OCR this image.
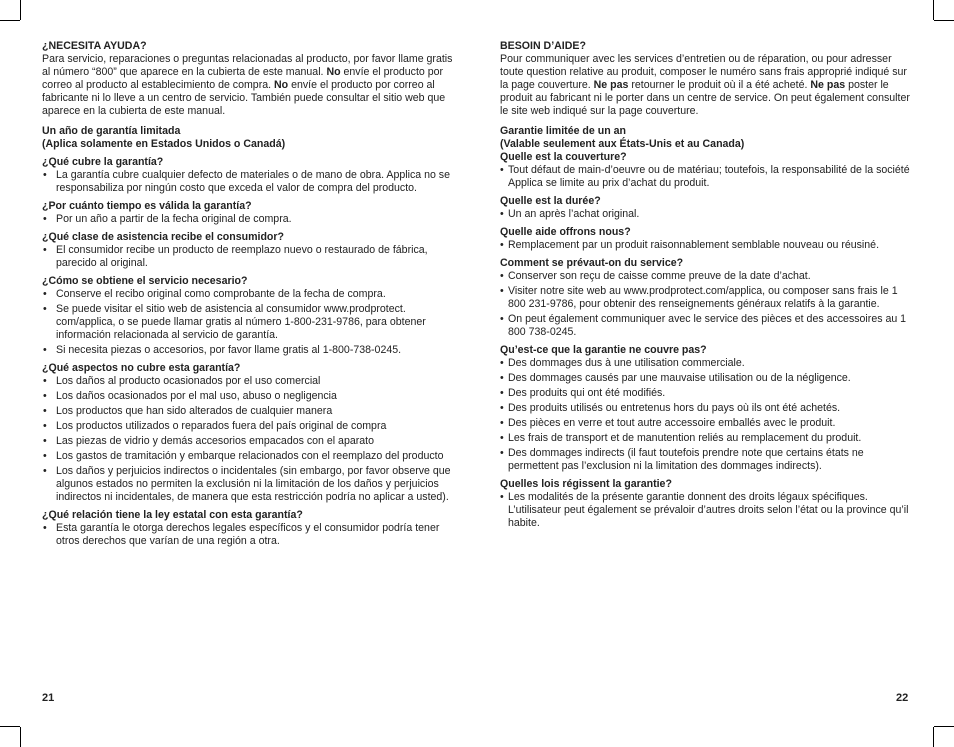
¿NECESITA AYUDA?

Para servicio, reparaciones o preguntas relacionadas al producto, por favor llame gratis al número “800” que aparece en la cubierta de este manual. No envíe el producto por correo al producto al establecimiento de compra. No envíe el producto por correo al fabricante ni lo lleve a un centro de servicio. También puede consultar el sitio web que aparece en la cubierta de este manual.

Un año de garantía limitada

(Aplica solamente en Estados Unidos o Canadá)

¿Qué cubre la garantía?

• La garantía cubre cualquier defecto de materiales o de mano de obra. Applica no se responsabiliza por ningún costo que exceda el valor de compra del producto.

¿Por cuánto tiempo es válida la garantía?

• Por un año a partir de la fecha original de compra.

¿Qué clase de asistencia recibe el consumidor?

• El consumidor recibe un producto de reemplazo nuevo o restaurado de fábrica, parecido al original.

¿Cómo se obtiene el servicio necesario?

• Conserve el recibo original como comprobante de la fecha de compra.
• Se puede visitar el sitio web de asistencia al consumidor www.prodprotect. com/applica, o se puede llamar gratis al número 1-800-231-9786, para obtener información relacionada al servicio de garantía.
• Si necesita piezas o accesorios, por favor llame gratis al 1-800-738-0245.

¿Qué aspectos no cubre esta garantía?

• Los daños al producto ocasionados por el uso comercial
• Los daños ocasionados por el mal uso, abuso o negligencia
• Los productos que han sido alterados de cualquier manera
• Los productos utilizados o reparados fuera del país original de compra
• Las piezas de vidrio y demás accesorios empacados con el aparato
• Los gastos de tramitación y embarque relacionados con el reemplazo del producto
• Los daños y perjuicios indirectos o incidentales (sin embargo, por favor observe que algunos estados no permiten la exclusión ni la limitación de los daños y perjuicios indirectos ni incidentales, de manera que esta restricción podría no aplicar a usted).

¿Qué relación tiene la ley estatal con esta garantía?

• Esta garantía le otorga derechos legales específicos y el consumidor podría tener otros derechos que varían de una región a otra.

BESOIN D’AIDE?

Pour communiquer avec les services d’entretien ou de réparation, ou pour adresser toute question relative au produit, composer le numéro sans frais approprié indiqué sur la page couverture. Ne pas retourner le produit où il a été acheté. Ne pas poster le produit au fabricant ni le porter dans un centre de service. On peut également consulter le site web indiqué sur la page couverture.

Garantie limitée de un an

(Valable seulement aux États-Unis et au Canada)

Quelle est la couverture?

• Tout défaut de main-d’oeuvre ou de matériau; toutefois, la responsabilité de la société Applica se limite au prix d’achat du produit.

Quelle est la durée?

• Un an après l’achat original.

Quelle aide offrons nous?

• Remplacement par un produit raisonnablement semblable nouveau ou réusiné.

Comment se prévaut-on du service?

• Conserver son reçu de caisse comme preuve de la date d’achat.
• Visiter notre site web au www.prodprotect.com/applica, ou composer sans frais le 1 800 231-9786, pour obtenir des renseignements généraux relatifs à la garantie.
• On peut également communiquer avec le service des pièces et des accessoires au 1 800 738-0245.

Qu’est-ce que la garantie ne couvre pas?

• Des dommages dus à une utilisation commerciale.
• Des dommages causés par une mauvaise utilisation ou de la négligence.
• Des produits qui ont été modifiés.
• Des produits utilisés ou entretenus hors du pays où ils ont été achetés.
• Des pièces en verre et tout autre accessoire emballés avec le produit.
• Les frais de transport et de manutention reliés au remplacement du produit.
• Des dommages indirects (il faut toutefois prendre note que certains états ne permettent pas l’exclusion ni la limitation des dommages indirects).

Quelles lois régissent la garantie?

• Les modalités de la présente garantie donnent des droits légaux spécifiques. L’utilisateur peut également se prévaloir d’autres droits selon l’état ou la province qu’il habite.
21	22
